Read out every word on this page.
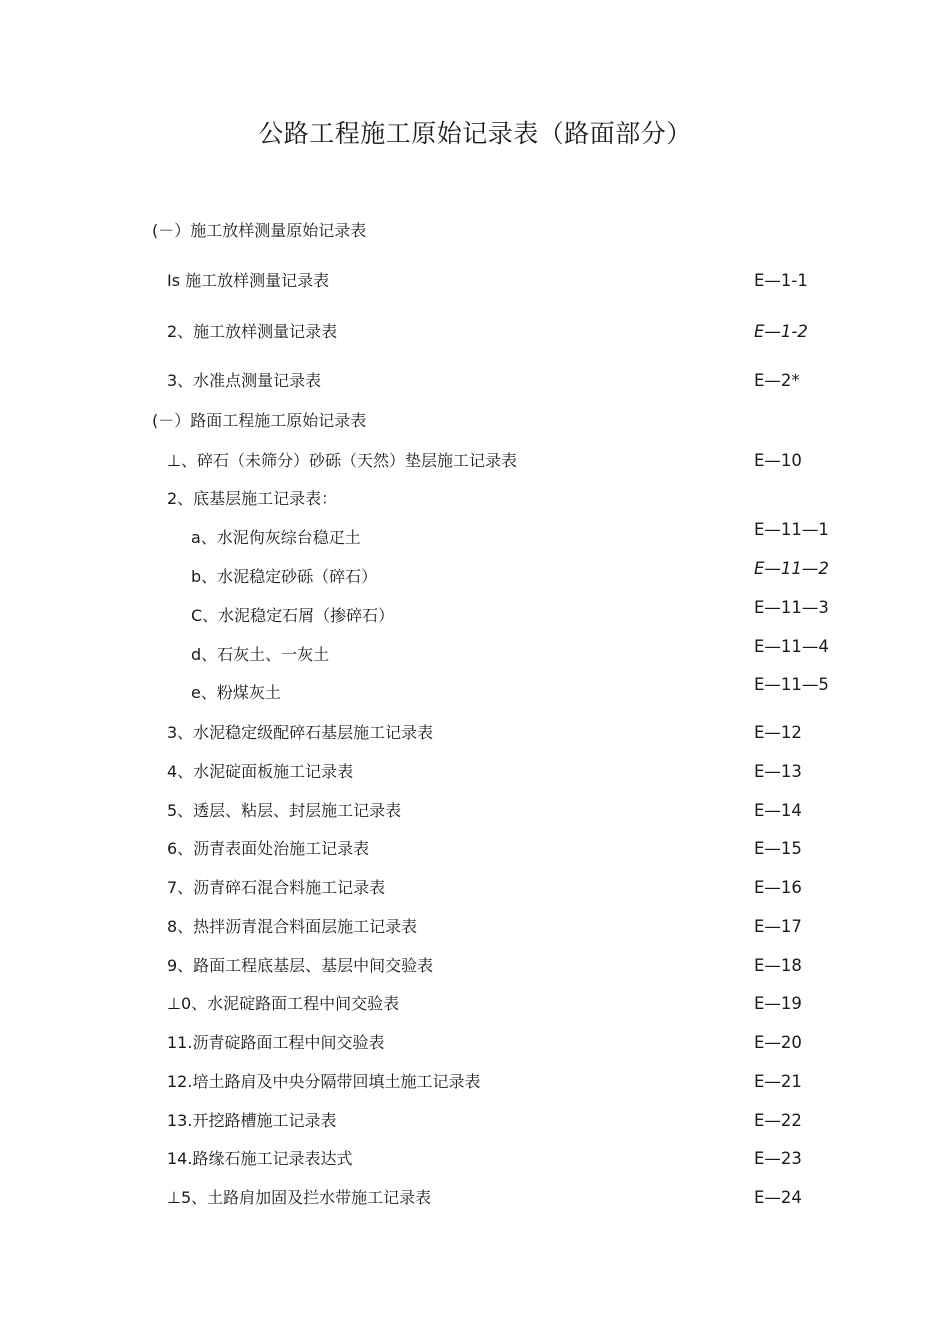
公路工程施工原始记录表（路面部分）
(－）施工放样测量原始记录表
Is 施工放样测量记录表	E—1-1
2、施工放样测量记录表	E—1-2
3、水准点测量记录表	E—2*
(－）路面工程施工原始记录表
⊥、碎石（未筛分）砂砾（天然）垫层施工记录表	E—10
2、底基层施工记录表：
a、水泥佝灰综台稳疋土	E—11—1
b、水泥稳定砂砾（碎石）	E—11—2
C、水泥稳定石屑（掺碎石）	E—11—3
d、石灰土、一灰土	E—11—4
e、粉煤灰土	E—11—5
3、水泥稳定级配碎石基层施工记录表	E—12
4、水泥碇面板施工记录表	E—13
5、透层、粘层、封层施工记录表	E—14
6、沥青表面处治施工记录表	E—15
7、沥青碎石混合料施工记录表	E—16
8、热拌沥青混合料面层施工记录表	E—17
9、路面工程底基层、基层中间交验表	E—18
⊥0、水泥碇路面工程中间交验表	E—19
11.沥青碇路面工程中间交验表	E—20
12.培土路肩及中央分隔带回填土施工记录表	E—21
13.开挖路槽施工记录表	E—22
14.路缘石施工记录表达式	E—23
⊥5、土路肩加固及拦水带施工记录表	E—24
